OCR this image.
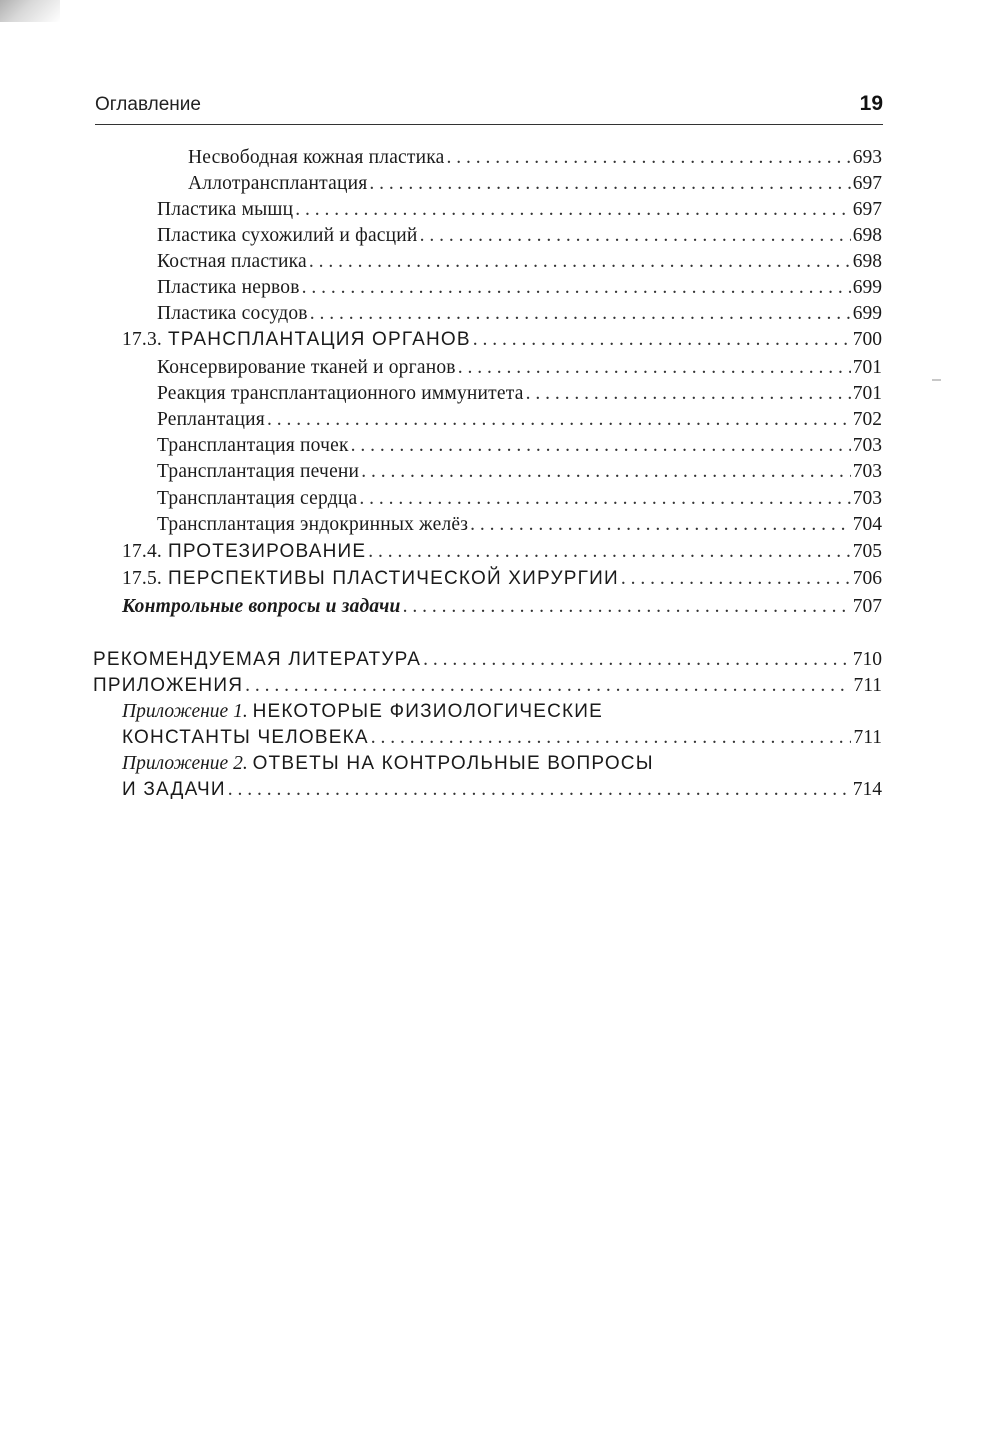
Оглавление	19
Несвободная кожная пластика . . .	693
Аллотрансплантация . . .	697
Пластика мышц . . .	697
Пластика сухожилий и фасций . . .	698
Костная пластика . . .	698
Пластика нервов . . .	699
Пластика сосудов . . .	699
17.3. ТРАНСПЛАНТАЦИЯ ОРГАНОВ . . .	700
Консервирование тканей и органов . . .	701
Реакция трансплантационного иммунитета . . .	701
Реплантация . . .	702
Трансплантация почек . . .	703
Трансплантация печени . . .	703
Трансплантация сердца . . .	703
Трансплантация эндокринных желёз . . .	704
17.4. ПРОТЕЗИРОВАНИЕ . . .	705
17.5. ПЕРСПЕКТИВЫ ПЛАСТИЧЕСКОЙ ХИРУРГИИ . . .	706
Контрольные вопросы и задачи . . .	707
РЕКОМЕНДУЕМАЯ ЛИТЕРАТУРА . . .	710
ПРИЛОЖЕНИЯ . . .	711
Приложение 1. НЕКОТОРЫЕ ФИЗИОЛОГИЧЕСКИЕ
КОНСТАНТЫ ЧЕЛОВЕКА . . .	711
Приложение 2. ОТВЕТЫ НА КОНТРОЛЬНЫЕ ВОПРОСЫ
И ЗАДАЧИ . . .	714
